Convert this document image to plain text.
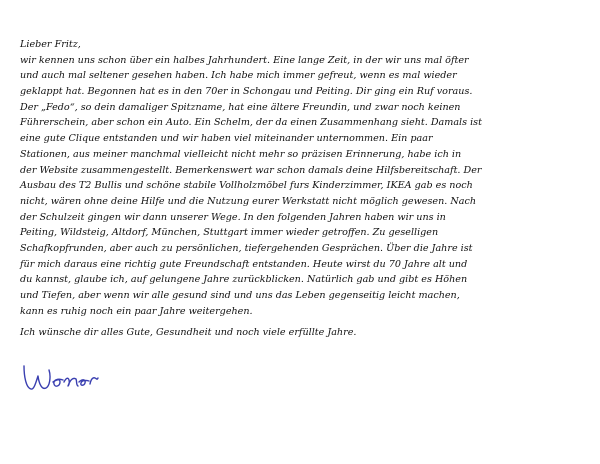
Lieber Fritz,
wir kennen uns schon über ein halbes Jahrhundert. Eine lange Zeit, in der wir uns mal öfter
und auch mal seltener gesehen haben. Ich habe mich immer gefreut, wenn es mal wieder
geklappt hat. Begonnen hat es in den 70er in Schongau und Peiting. Dir ging ein Ruf voraus.
Der „Fedo“, so dein damaliger Spitzname, hat eine ältere Freundin, und zwar noch keinen
Führerschein, aber schon ein Auto. Ein Schelm, der da einen Zusammenhang sieht. Damals ist
eine gute Clique entstanden und wir haben viel miteinander unternommen. Ein paar
Stationen, aus meiner manchmal vielleicht nicht mehr so präzisen Erinnerung, habe ich in
der Website zusammengestellt. Bemerkenswert war schon damals deine Hilfsbereitschaft. Der
Ausbau des T2 Bullis und schöne stabile Vollholzmöbel furs Kinderzimmer, IKEA gab es noch
nicht, wären ohne deine Hilfe und die Nutzung eurer Werkstatt nicht möglich gewesen. Nach
der Schulzeit gingen wir dann unserer Wege. In den folgenden Jahren haben wir uns in
Peiting, Wildsteig, Altdorf, München, Stuttgart immer wieder getroffen. Zu geselligen
Schafkopfrunden, aber auch zu persönlichen, tiefergehenden Gesprächen. Über die Jahre ist
für mich daraus eine richtig gute Freundschaft entstanden. Heute wirst du 70 Jahre alt und
du kannst, glaube ich, auf gelungene Jahre zurückblicken. Natürlich gab und gibt es Höhen
und Tiefen, aber wenn wir alle gesund sind und uns das Leben gegenseitig leicht machen,
kann es ruhig noch ein paar Jahre weitergehen.
Ich wünsche dir alles Gute, Gesundheit und noch viele erfüllte Jahre.
